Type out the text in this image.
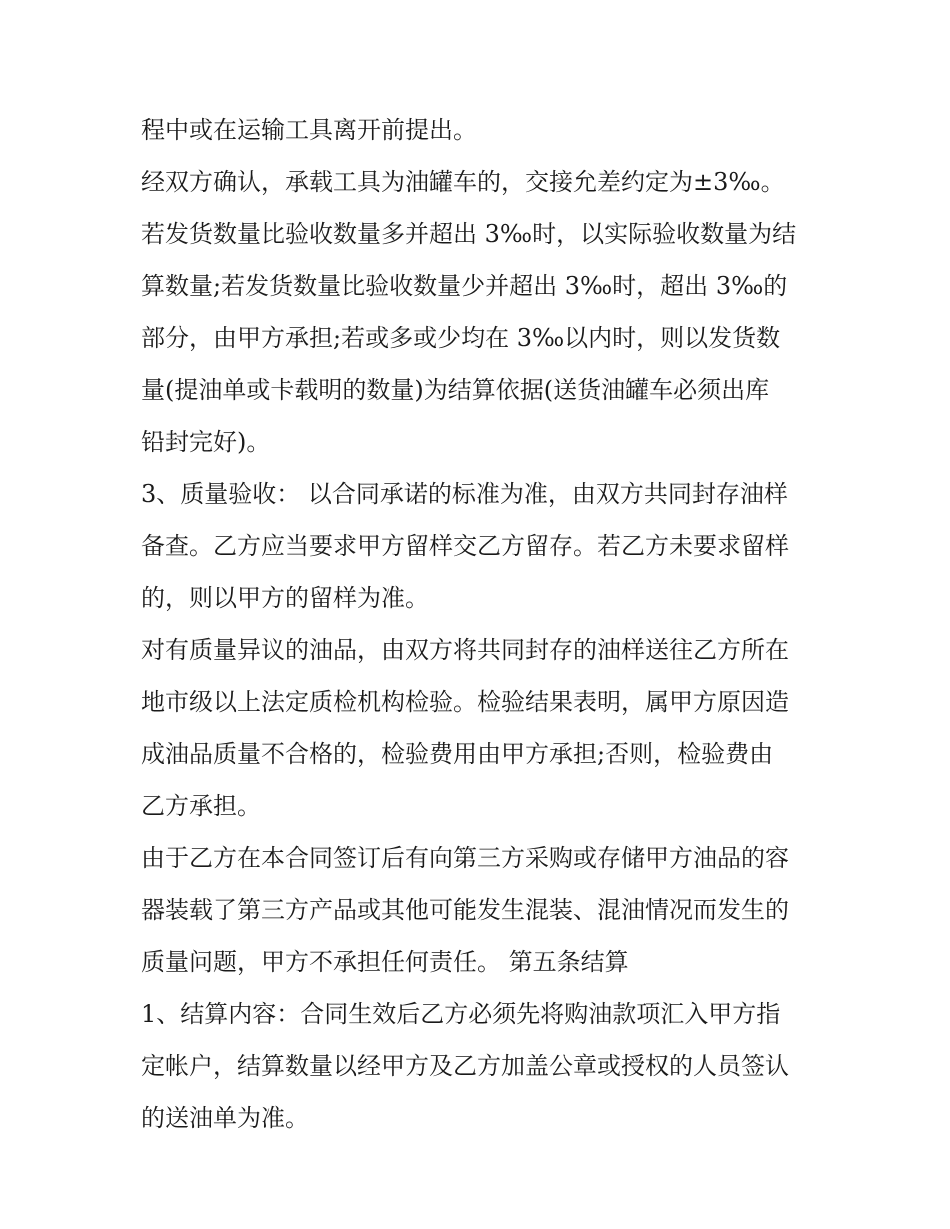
程中或在运输工具离开前提出。
经双方确认，承载工具为油罐车的，交接允差约定为±3‰。
若发货数量比验收数量多并超出 3‰时，以实际验收数量为结
算数量;若发货数量比验收数量少并超出 3‰时，超出 3‰的
部分，由甲方承担;若或多或少均在 3‰以内时，则以发货数
量(提油单或卡载明的数量)为结算依据(送货油罐车必须出库
铅封完好)。
3、质量验收： 以合同承诺的标准为准，由双方共同封存油样
备查。乙方应当要求甲方留样交乙方留存。若乙方未要求留样
的，则以甲方的留样为准。
对有质量异议的油品，由双方将共同封存的油样送往乙方所在
地市级以上法定质检机构检验。检验结果表明，属甲方原因造
成油品质量不合格的，检验费用由甲方承担;否则，检验费由
乙方承担。
由于乙方在本合同签订后有向第三方采购或存储甲方油品的容
器装载了第三方产品或其他可能发生混装、混油情况而发生的
质量问题，甲方不承担任何责任。 第五条结算
1、结算内容：合同生效后乙方必须先将购油款项汇入甲方指
定帐户，结算数量以经甲方及乙方加盖公章或授权的人员签认
的送油单为准。
